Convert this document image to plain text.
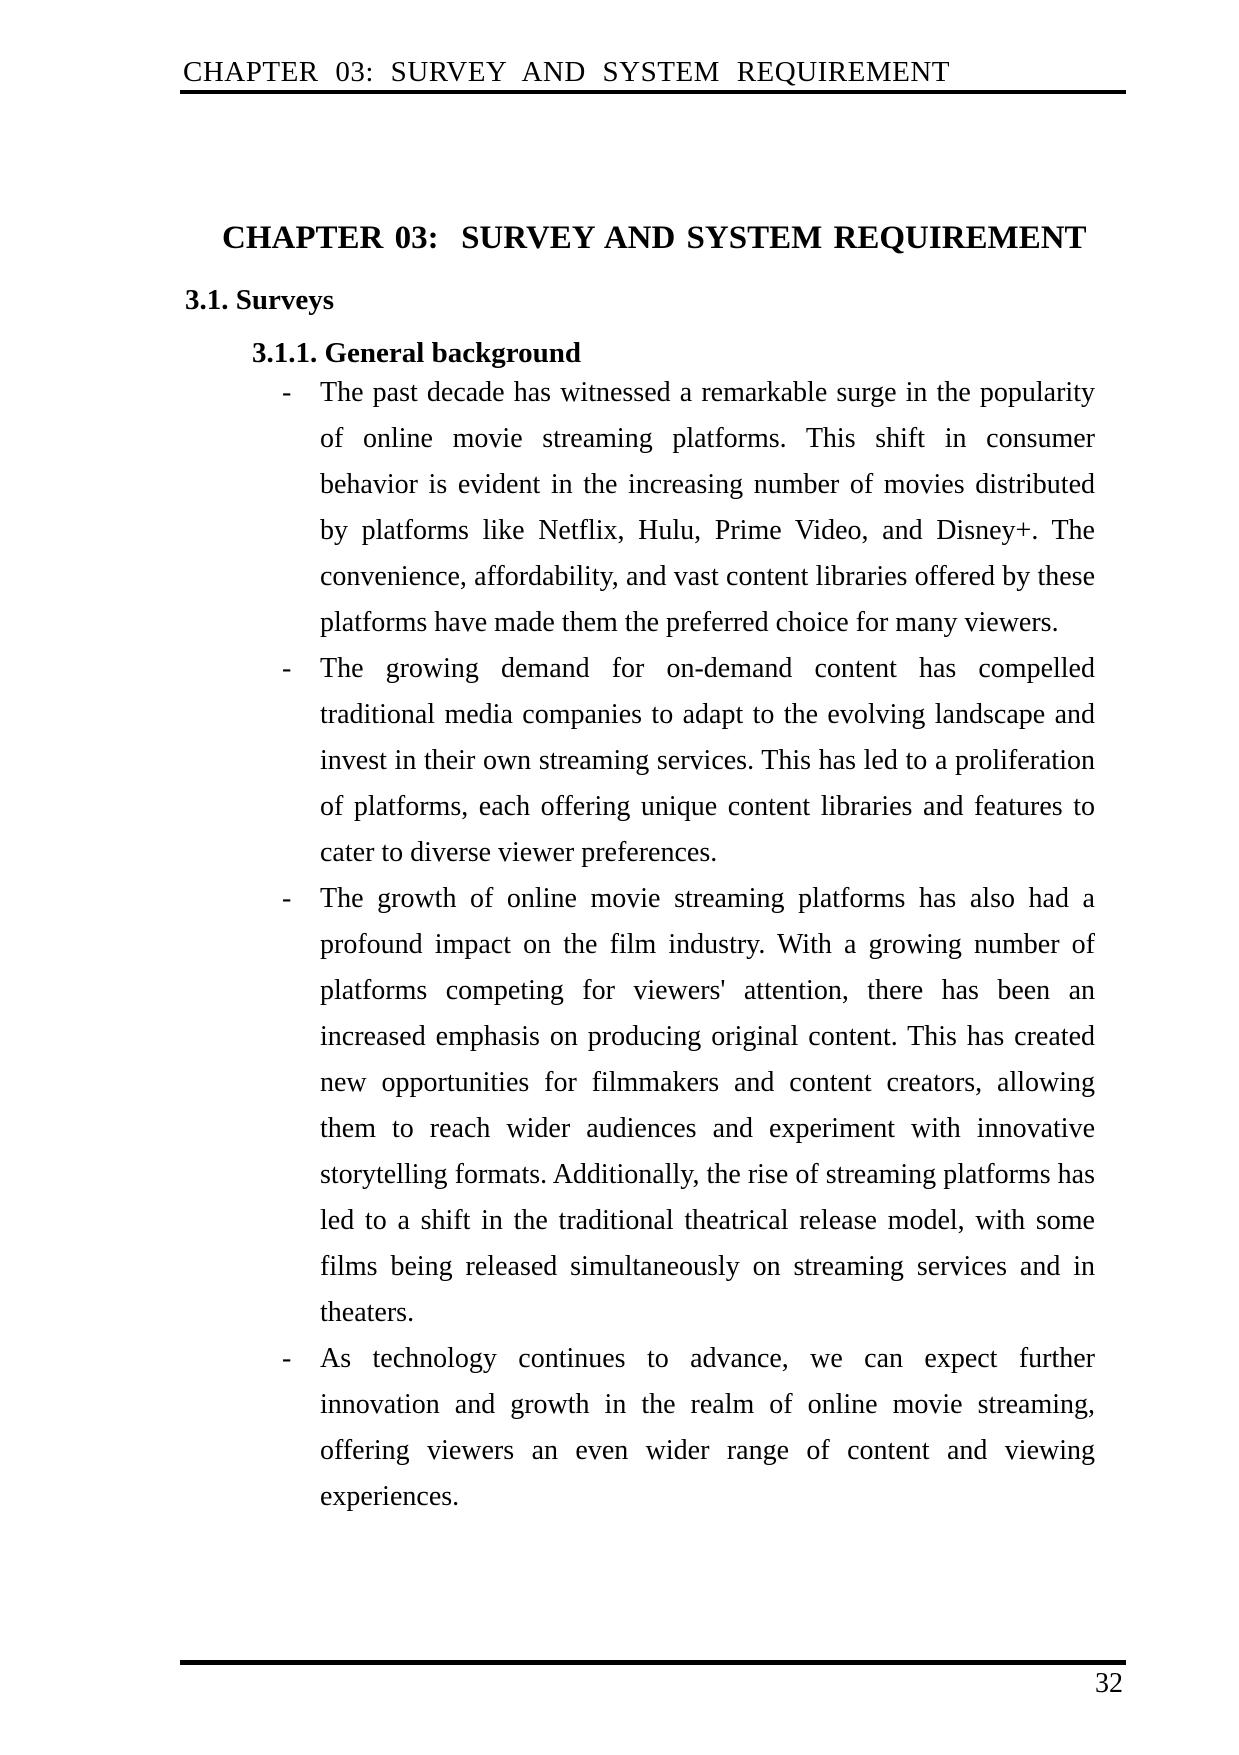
CHAPTER 03: SURVEY AND SYSTEM REQUIREMENT
CHAPTER 03:  SURVEY AND SYSTEM REQUIREMENT
3.1. Surveys
3.1.1. General background
-	The past decade has witnessed a remarkable surge in the popularity of online movie streaming platforms. This shift in consumer behavior is evident in the increasing number of movies distributed by platforms like Netflix, Hulu, Prime Video, and Disney+. The convenience, affordability, and vast content libraries offered by these platforms have made them the preferred choice for many viewers.
-	The growing demand for on-demand content has compelled traditional media companies to adapt to the evolving landscape and invest in their own streaming services. This has led to a proliferation of platforms, each offering unique content libraries and features to cater to diverse viewer preferences.
-	The growth of online movie streaming platforms has also had a profound impact on the film industry. With a growing number of platforms competing for viewers' attention, there has been an increased emphasis on producing original content. This has created new opportunities for filmmakers and content creators, allowing them to reach wider audiences and experiment with innovative storytelling formats. Additionally, the rise of streaming platforms has led to a shift in the traditional theatrical release model, with some films being released simultaneously on streaming services and in theaters.
-	As technology continues to advance, we can expect further innovation and growth in the realm of online movie streaming, offering viewers an even wider range of content and viewing experiences.
32
